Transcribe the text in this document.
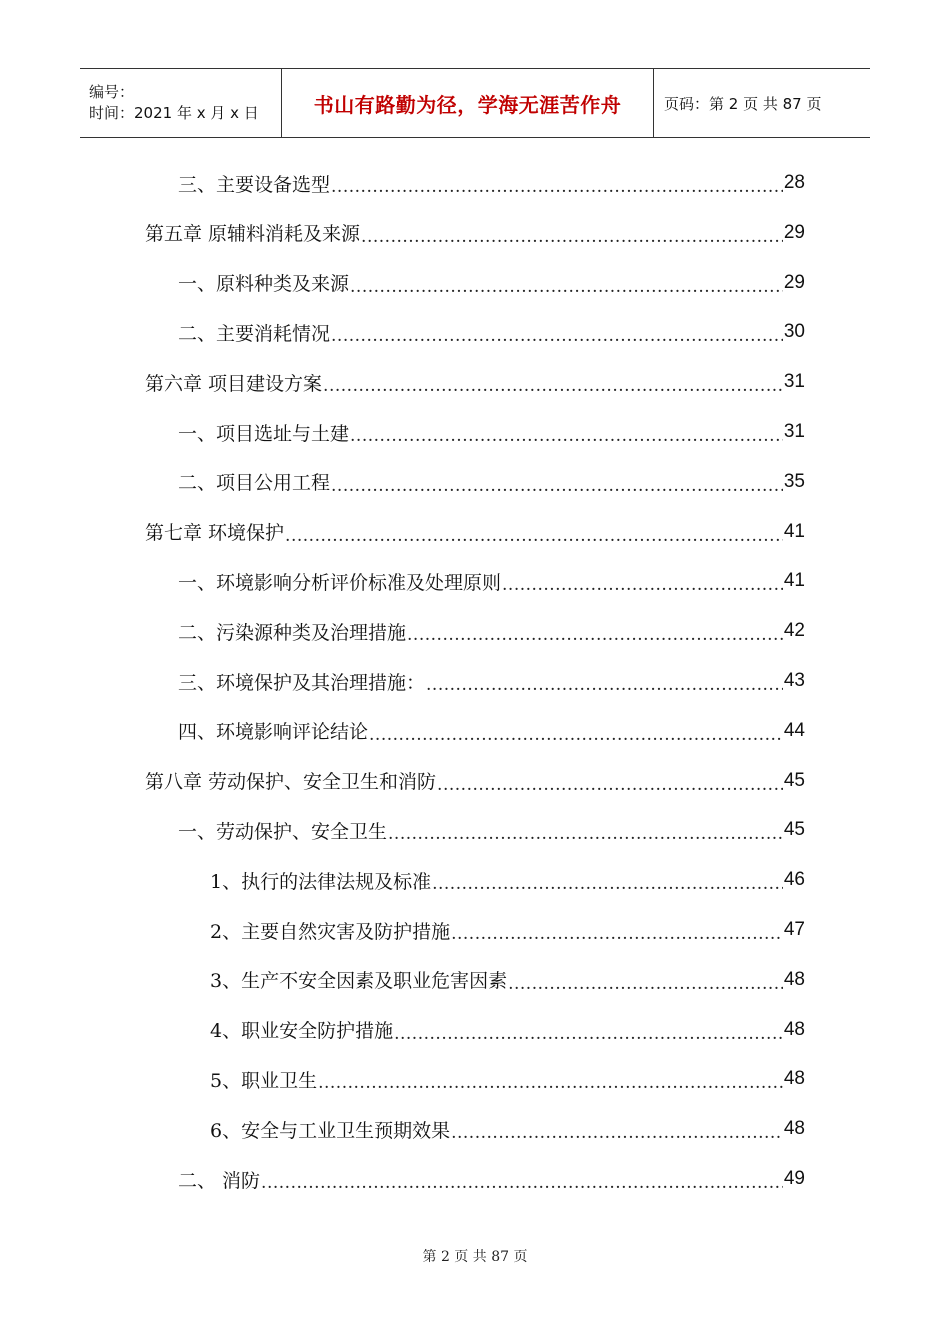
编号：
时间：2021 年 x 月 x 日	书山有路勤为径，学海无涯苦作舟	页码：第 2 页 共 87 页
三、主要设备选型 .....	28
第五章 原辅料消耗及来源 .....	29
一、原料种类及来源 .....	29
二、主要消耗情况 .....	30
第六章 项目建设方案 .....	31
一、项目选址与土建 .....	31
二、项目公用工程 .....	35
第七章 环境保护 .....	41
一、环境影响分析评价标准及处理原则 .....	41
二、污染源种类及治理措施 .....	42
三、环境保护及其治理措施： .....	43
四、环境影响评论结论 .....	44
第八章 劳动保护、安全卫生和消防 .....	45
一、劳动保护、安全卫生 .....	45
1、执行的法律法规及标准 .....	46
2、主要自然灾害及防护措施 .....	47
3、生产不安全因素及职业危害因素 .....	48
4、职业安全防护措施 .....	48
5、职业卫生 .....	48
6、安全与工业卫生预期效果 .....	48
二、 消防 .....	49
第 2 页 共 87 页
